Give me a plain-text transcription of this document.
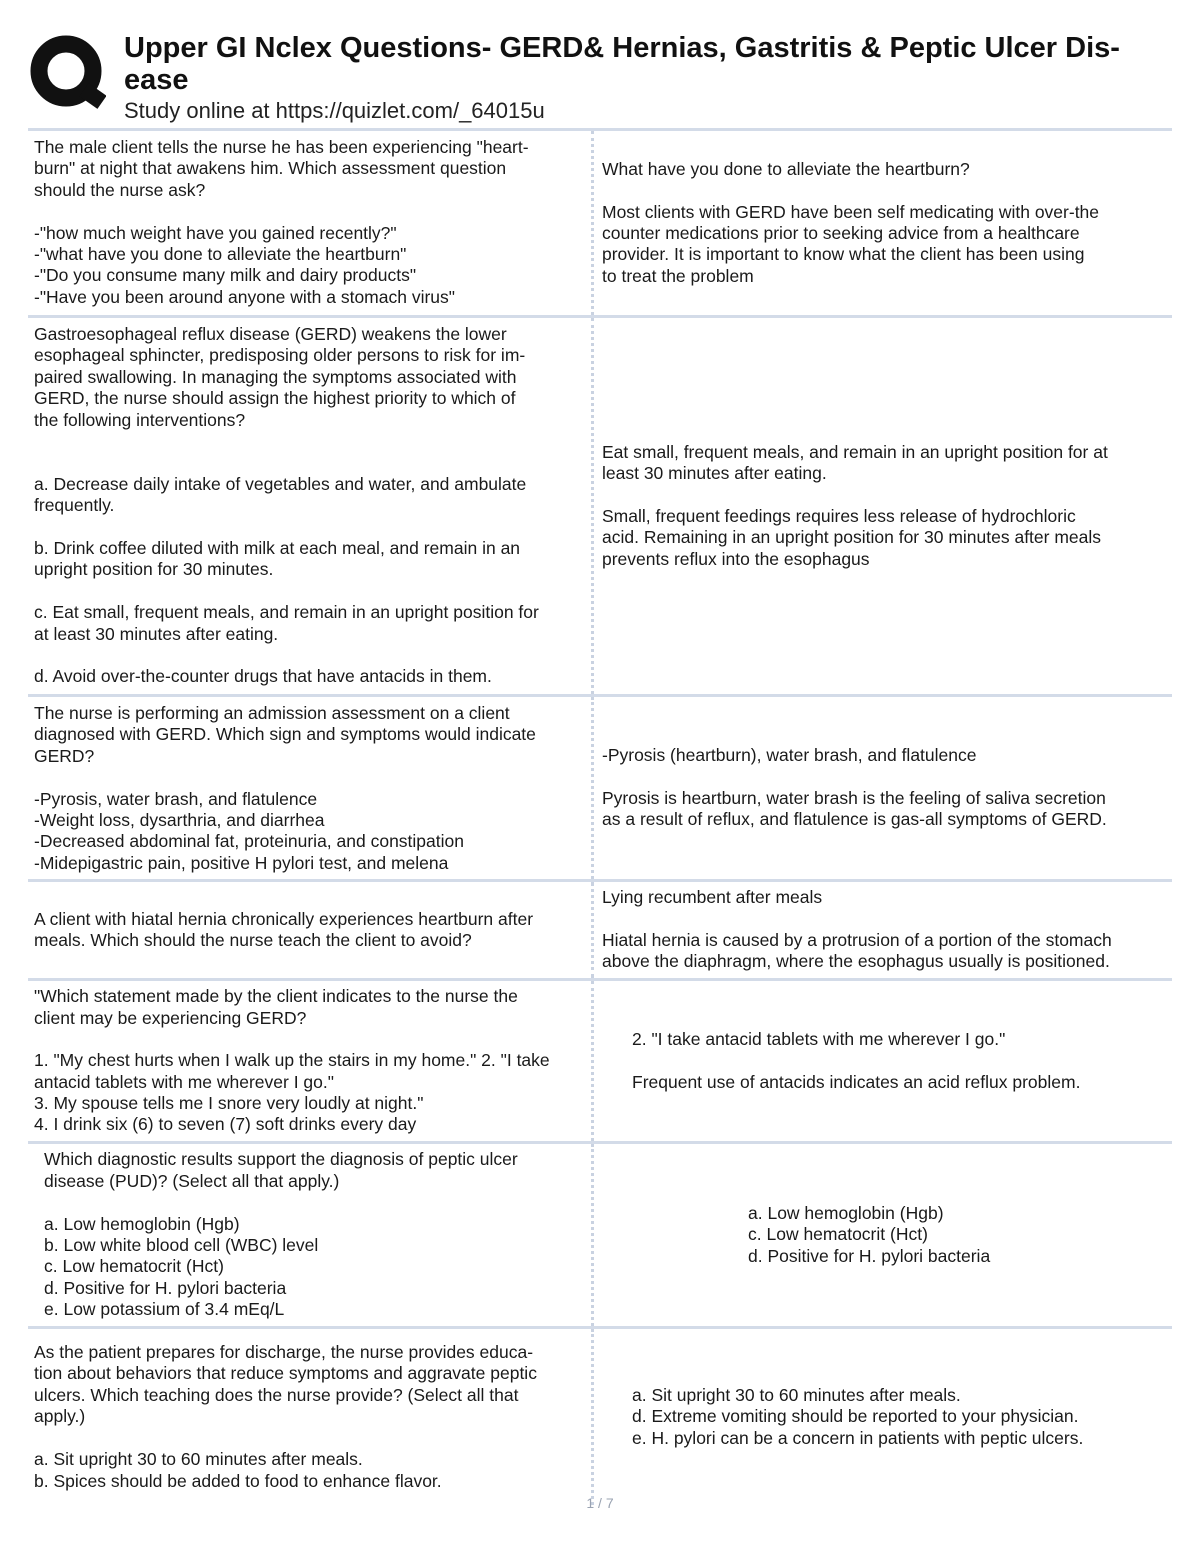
Upper GI Nclex Questions- GERD& Hernias, Gastritis & Peptic Ulcer Dis- ease
Study online at https://quizlet.com/_64015u
The male client tells the nurse he has been experiencing "heart-
burn" at night that awakens him. Which assessment question
should the nurse ask?
-"how much weight have you gained recently?"
-"what have you done to alleviate the heartburn"
-"Do you consume many milk and dairy products"
-"Have you been around anyone with a stomach virus"
What have you done to alleviate the heartburn?
Most clients with GERD have been self medicating with over-the
counter medications prior to seeking advice from a healthcare
provider. It is important to know what the client has been using
to treat the problem
Gastroesophageal reflux disease (GERD) weakens the lower
esophageal sphincter, predisposing older persons to risk for im-
paired swallowing. In managing the symptoms associated with
GERD, the nurse should assign the highest priority to which of
the following interventions?
a. Decrease daily intake of vegetables and water, and ambulate
frequently.
b. Drink coffee diluted with milk at each meal, and remain in an
upright position for 30 minutes.
c. Eat small, frequent meals, and remain in an upright position for
at least 30 minutes after eating.
d. Avoid over-the-counter drugs that have antacids in them.
Eat small, frequent meals, and remain in an upright position for at
least 30 minutes after eating.
Small, frequent feedings requires less release of hydrochloric
acid. Remaining in an upright position for 30 minutes after meals
prevents reflux into the esophagus
The nurse is performing an admission assessment on a client
diagnosed with GERD. Which sign and symptoms would indicate
GERD?
-Pyrosis, water brash, and flatulence
-Weight loss, dysarthria, and diarrhea
-Decreased abdominal fat, proteinuria, and constipation
-Midepigastric pain, positive H pylori test, and melena
-Pyrosis (heartburn), water brash, and flatulence
Pyrosis is heartburn, water brash is the feeling of saliva secretion
as a result of reflux, and flatulence is gas-all symptoms of GERD.
A client with hiatal hernia chronically experiences heartburn after
meals. Which should the nurse teach the client to avoid?
Lying recumbent after meals
Hiatal hernia is caused by a protrusion of a portion of the stomach
above the diaphragm, where the esophagus usually is positioned.
"Which statement made by the client indicates to the nurse the
client may be experiencing GERD?
1. "My chest hurts when I walk up the stairs in my home." 2. "I take
antacid tablets with me wherever I go."
3. My spouse tells me I snore very loudly at night."
4. I drink six (6) to seven (7) soft drinks every day
2. "I take antacid tablets with me wherever I go."
Frequent use of antacids indicates an acid reflux problem.
Which diagnostic results support the diagnosis of peptic ulcer
disease (PUD)? (Select all that apply.)
a. Low hemoglobin (Hgb)
b. Low white blood cell (WBC) level
c. Low hematocrit (Hct)
d. Positive for H. pylori bacteria
e. Low potassium of 3.4 mEq/L
a. Low hemoglobin (Hgb)
c. Low hematocrit (Hct)
d. Positive for H. pylori bacteria
As the patient prepares for discharge, the nurse provides educa-
tion about behaviors that reduce symptoms and aggravate peptic
ulcers. Which teaching does the nurse provide? (Select all that
apply.)
a. Sit upright 30 to 60 minutes after meals.
b. Spices should be added to food to enhance flavor.
a. Sit upright 30 to 60 minutes after meals.
d. Extreme vomiting should be reported to your physician.
e. H. pylori can be a concern in patients with peptic ulcers.
1 / 7
